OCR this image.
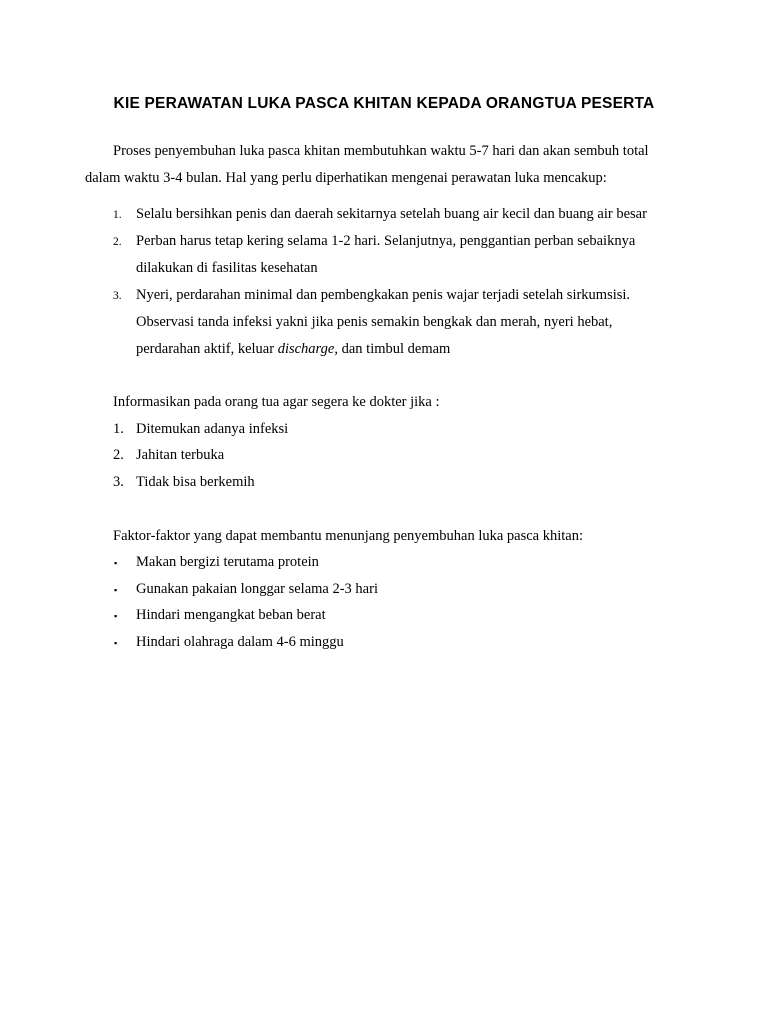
KIE PERAWATAN LUKA PASCA KHITAN KEPADA ORANGTUA PESERTA
Proses penyembuhan luka pasca khitan membutuhkan waktu 5-7 hari dan akan sembuh total
dalam waktu 3-4 bulan. Hal yang perlu diperhatikan mengenai perawatan luka mencakup:
1. Selalu bersihkan penis dan daerah sekitarnya setelah buang air kecil dan buang air besar
2. Perban harus tetap kering selama 1-2 hari. Selanjutnya, penggantian perban sebaiknya
dilakukan di fasilitas kesehatan
3. Nyeri, perdarahan minimal dan pembengkakan penis wajar terjadi setelah sirkumsisi.
Observasi tanda infeksi yakni jika penis semakin bengkak dan merah, nyeri hebat,
perdarahan aktif, keluar discharge, dan timbul demam
Informasikan pada orang tua agar segera ke dokter jika :
1. Ditemukan adanya infeksi
2. Jahitan terbuka
3. Tidak bisa berkemih
Faktor-faktor yang dapat membantu menunjang penyembuhan luka pasca khitan:
▪ Makan bergizi terutama protein
▪ Gunakan pakaian longgar selama 2-3 hari
▪ Hindari mengangkat beban berat
▪ Hindari olahraga dalam 4-6 minggu
